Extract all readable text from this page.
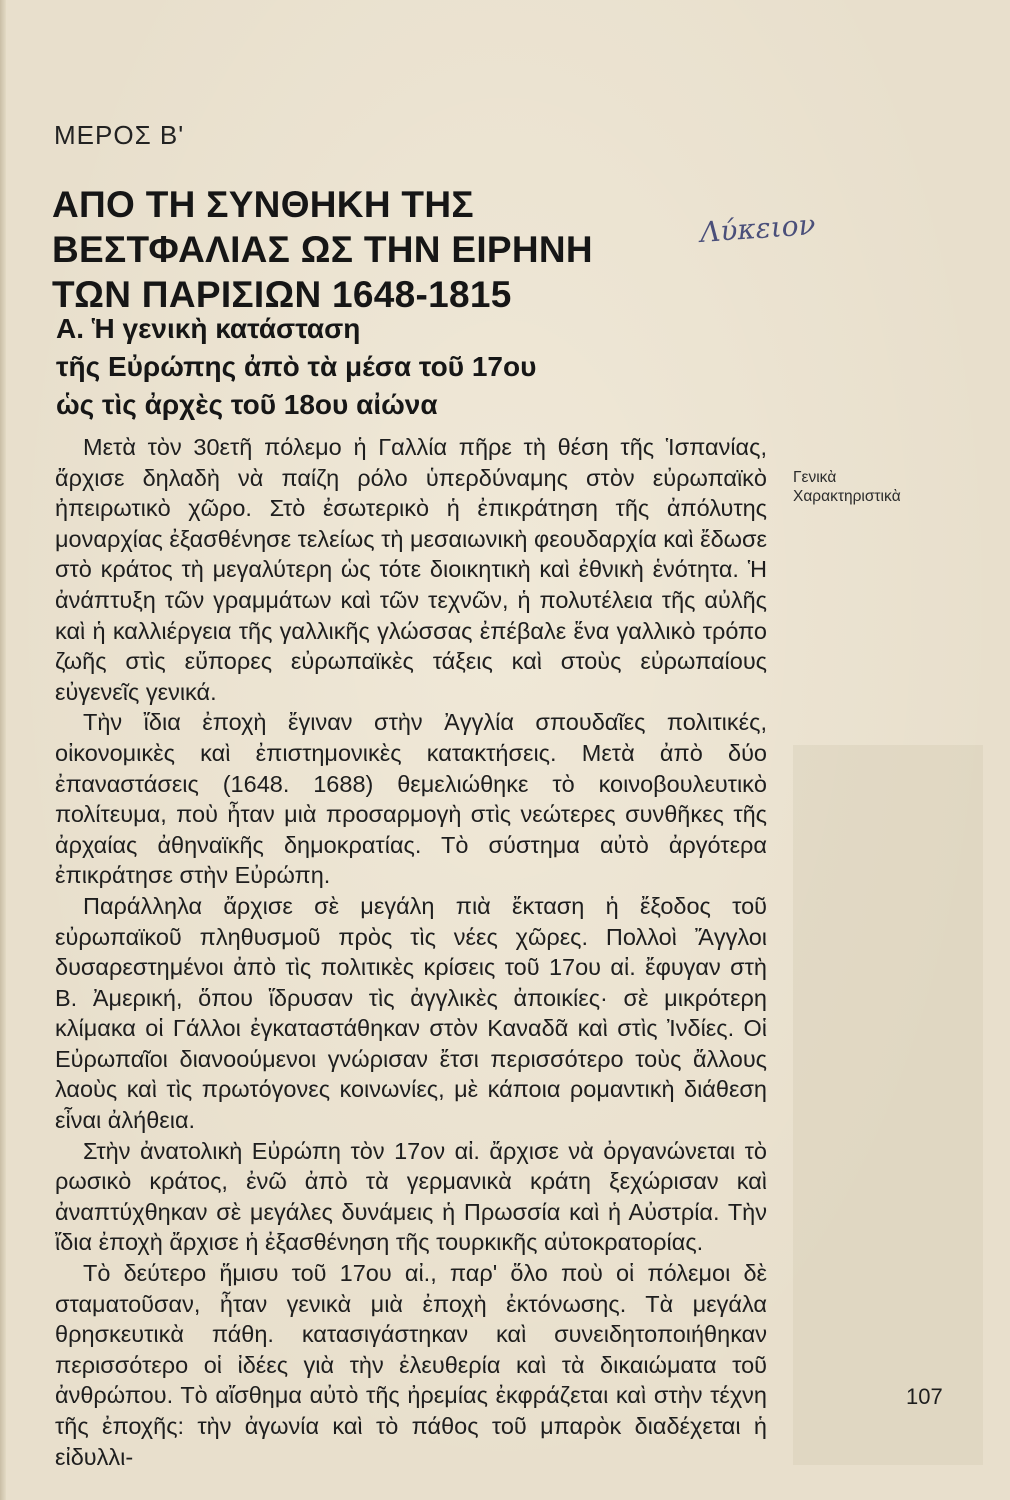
ΜΕΡΟΣ Β'
ΑΠΟ ΤΗ ΣΥΝΘΗΚΗ ΤΗΣ
ΒΕΣΤΦΑΛΙΑΣ ΩΣ ΤΗΝ ΕΙΡΗΝΗ
ΤΩΝ ΠΑΡΙΣΙΩΝ 1648-1815
Λύκειον
Α. Ἡ γενικὴ κατάσταση
τῆς Εὐρώπης ἀπὸ τὰ μέσα τοῦ 17ου
ὡς τὶς ἀρχὲς τοῦ 18ου αἰώνα
Γενικὰ
Χαρακτηριστικὰ

Μετὰ τὸν 30ετῆ πόλεμο ἡ Γαλλία πῆρε τὴ θέση τῆς Ἱσπανίας, ἄρχισε δηλαδὴ νὰ παίζη ρόλο ὑπερδύναμης στὸν εὐρωπαϊκὸ ἠπειρωτικὸ χῶρο. Στὸ ἐσωτερικὸ ἡ ἐπικράτηση τῆς ἀπόλυτης μοναρχίας ἐξασθένησε τελείως τὴ μεσαιωνικὴ φεουδαρχία καὶ ἔδωσε στὸ κράτος τὴ μεγαλύτερη ὡς τότε διοικητικὴ καὶ ἐθνικὴ ἑνότητα. Ἡ ἀνάπτυξη τῶν γραμμάτων καὶ τῶν τεχνῶν, ἡ πολυτέλεια τῆς αὐλῆς καὶ ἡ καλλιέργεια τῆς γαλλικῆς γλώσσας ἐπέβαλε ἕνα γαλλικὸ τρόπο ζωῆς στὶς εὔπορες εὐρωπαϊκὲς τάξεις καὶ στοὺς εὐρωπαίους εὐγενεῖς γενικά.

Τὴν ἴδια ἐποχὴ ἔγιναν στὴν Ἀγγλία σπουδαῖες πολιτικές, οἰκονομικὲς καὶ ἐπιστημονικὲς κατακτήσεις. Μετὰ ἀπὸ δύο ἐπαναστάσεις (1648. 1688) θεμελιώθηκε τὸ κοινοβουλευτικὸ πολίτευμα, ποὺ ἦταν μιὰ προσαρμογὴ στὶς νεώτερες συνθῆκες τῆς ἀρχαίας ἀθηναϊκῆς δημοκρατίας. Τὸ σύστημα αὐτὸ ἀργότερα ἐπικράτησε στὴν Εὐρώπη.

Παράλληλα ἄρχισε σὲ μεγάλη πιὰ ἔκταση ἡ ἔξοδος τοῦ εὐρωπαϊκοῦ πληθυσμοῦ πρὸς τὶς νέες χῶρες. Πολλοὶ Ἄγγλοι δυσαρεστημένοι ἀπὸ τὶς πολιτικὲς κρίσεις τοῦ 17ου αἰ. ἔφυγαν στὴ Β. Ἀμερική, ὅπου ἵδρυσαν τὶς ἀγγλικὲς ἀποικίες· σὲ μικρότερη κλίμακα οἱ Γάλλοι ἐγκαταστάθηκαν στὸν Καναδᾶ καὶ στὶς Ἰνδίες. Οἱ Εὐρωπαῖοι διανοούμενοι γνώρισαν ἔτσι περισσότερο τοὺς ἄλλους λαοὺς καὶ τὶς πρωτόγονες κοινωνίες, μὲ κάποια ρομαντικὴ διάθεση εἶναι ἀλήθεια.

Στὴν ἀνατολικὴ Εὐρώπη τὸν 17ον αἰ. ἄρχισε νὰ ὀργανώνεται τὸ ρωσικὸ κράτος, ἐνῶ ἀπὸ τὰ γερμανικὰ κράτη ξεχώρισαν καὶ ἀναπτύχθηκαν σὲ μεγάλες δυνάμεις ἡ Πρωσσία καὶ ἡ Αὐστρία. Τὴν ἴδια ἐποχὴ ἄρχισε ἡ ἐξασθένηση τῆς τουρκικῆς αὐτοκρατορίας.

Τὸ δεύτερο ἥμισυ τοῦ 17ου αἰ., παρ' ὅλο ποὺ οἱ πόλεμοι δὲ σταματοῦσαν, ἦταν γενικὰ μιὰ ἐποχὴ ἐκτόνωσης. Τὰ μεγάλα θρησκευτικὰ πάθη. κατασιγάστηκαν καὶ συνειδητοποιήθηκαν περισσότερο οἱ ἰδέες γιὰ τὴν ἐλευθερία καὶ τὰ δικαιώματα τοῦ ἀνθρώπου. Τὸ αἴσθημα αὐτὸ τῆς ἠρεμίας ἐκφράζεται καὶ στὴν τέχνη τῆς ἐποχῆς: τὴν ἀγωνία καὶ τὸ πάθος τοῦ μπαρὸκ διαδέχεται ἡ εἰδυλλι-

107
